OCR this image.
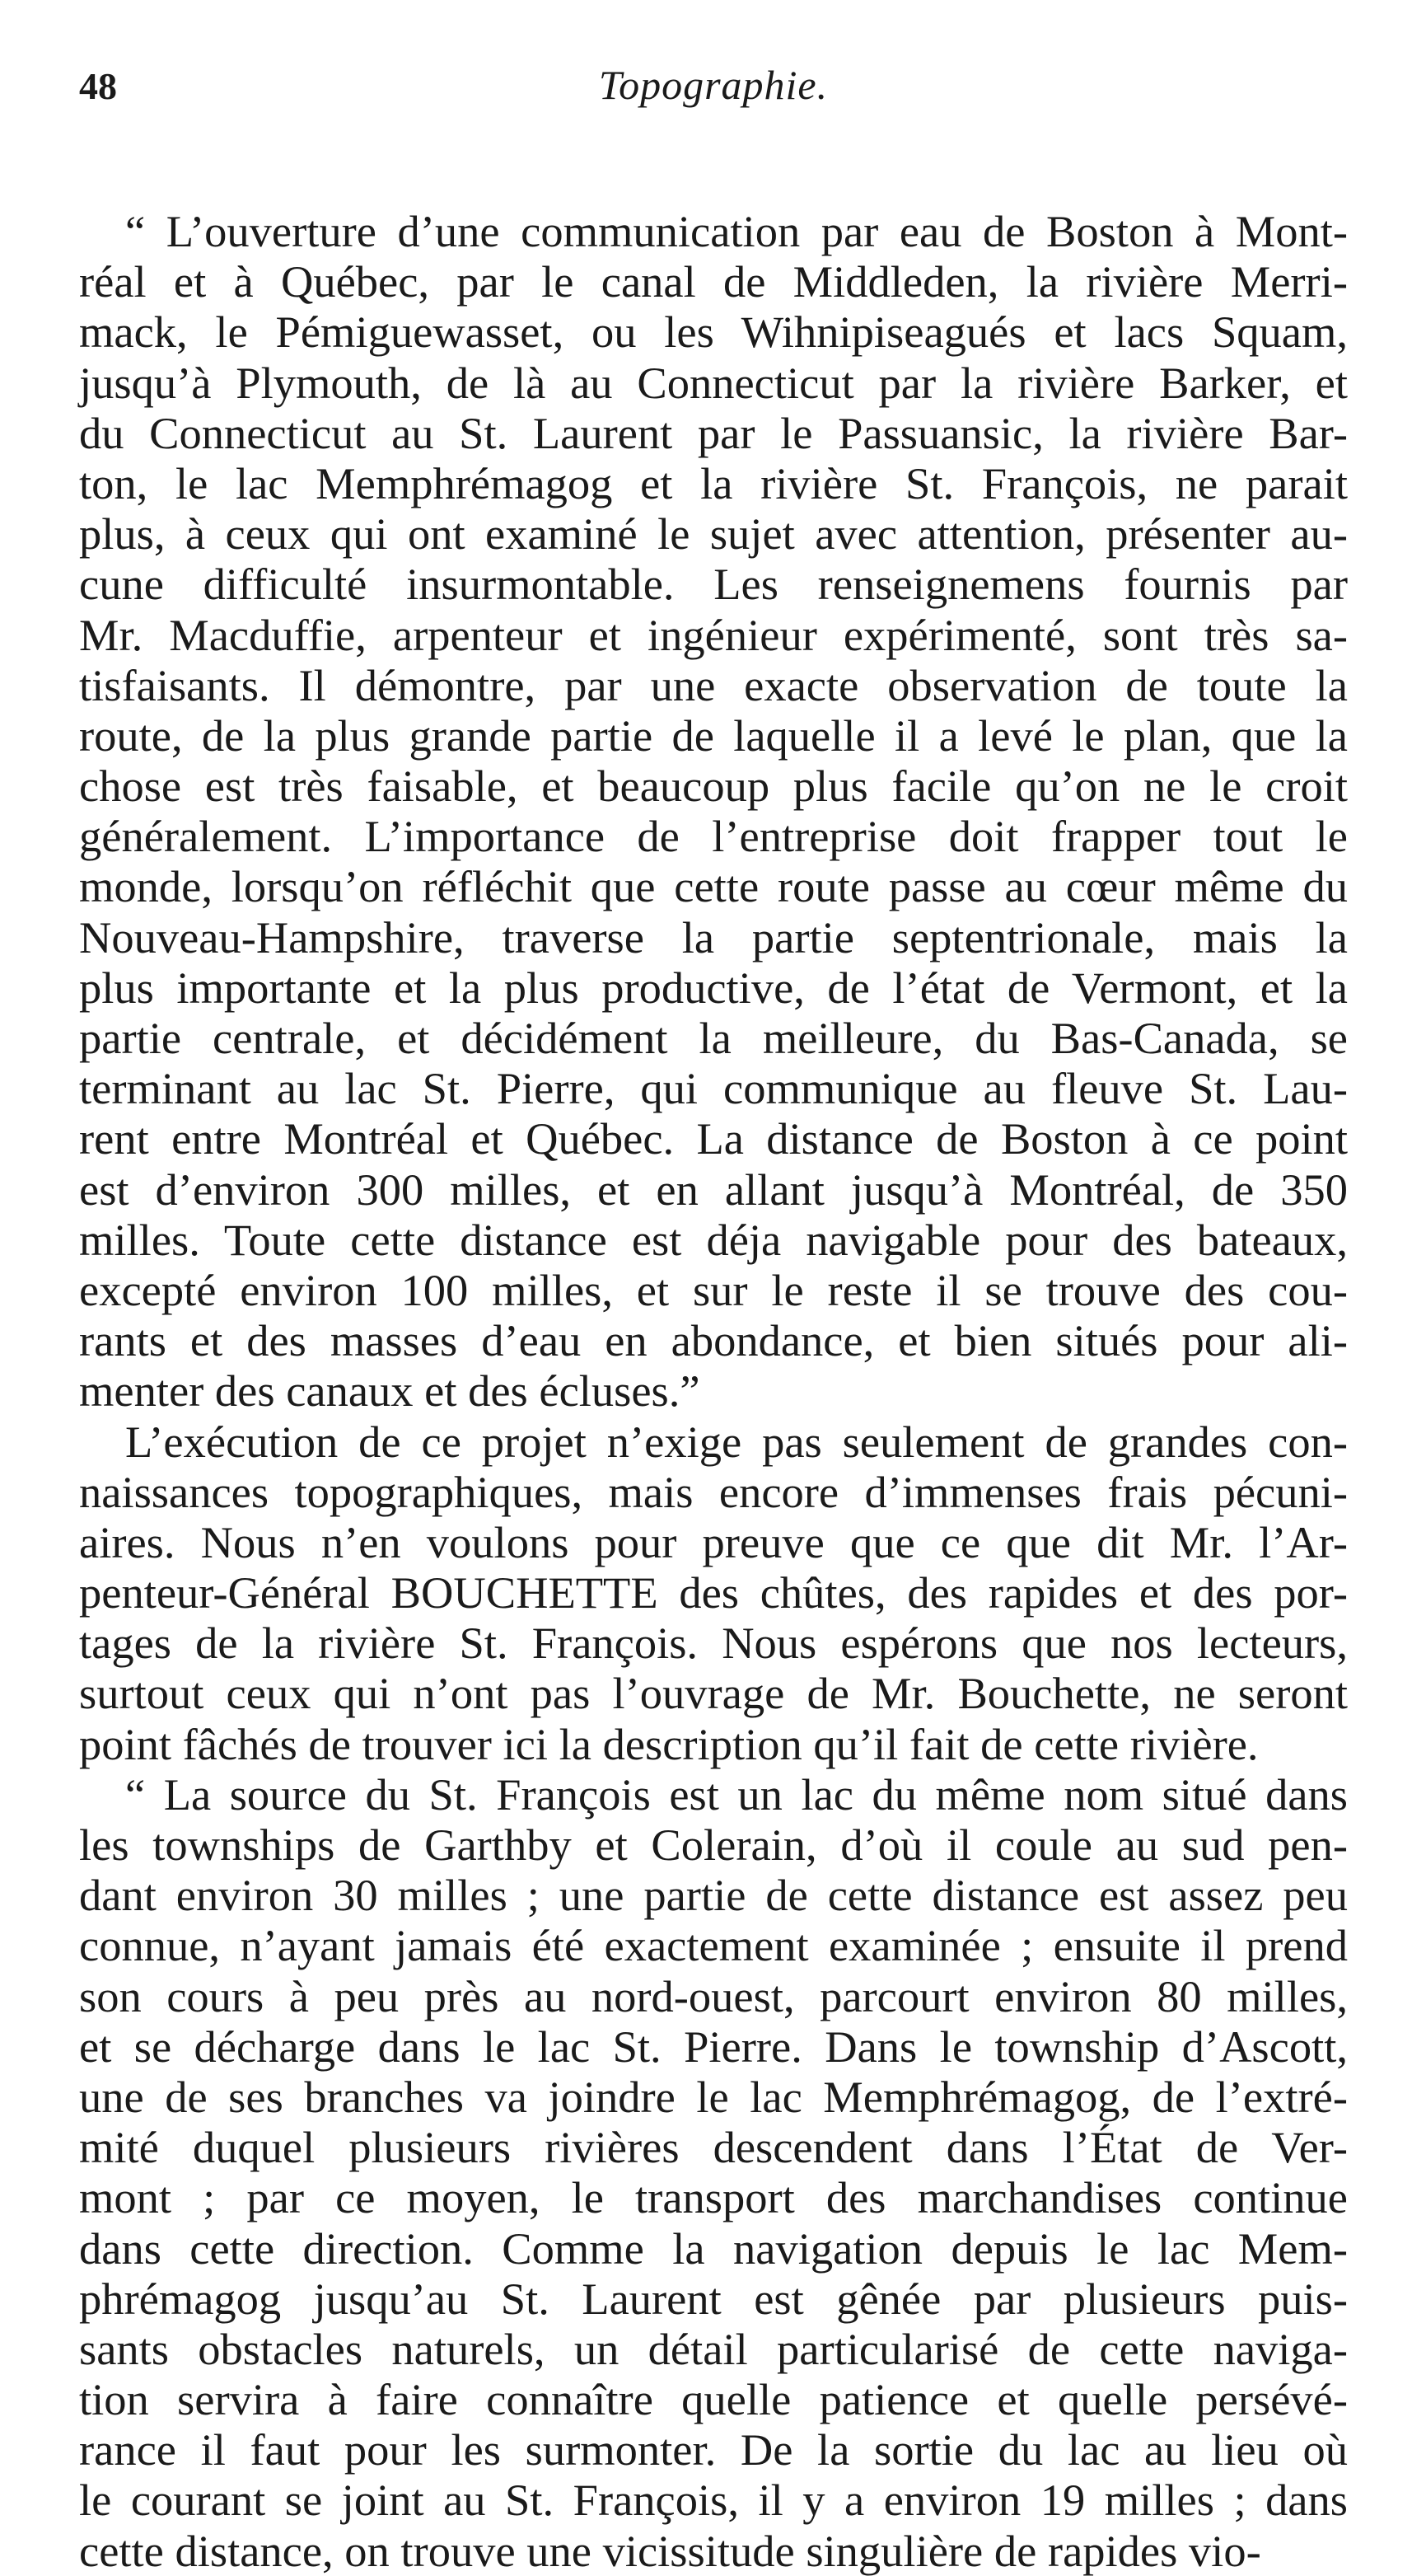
48	Topographie.
“ L’ouverture d’une communication par eau de Boston à Mont-
réal et à Québec, par le canal de Middleden, la rivière Merri-
mack, le Pémiguewasset, ou les Wihnipiseagués et lacs Squam,
jusqu’à Plymouth, de là au Connecticut par la rivière Barker, et
du Connecticut au St. Laurent par le Passuansic, la rivière Bar-
ton, le lac Memphrémagog et la rivière St. François, ne parait
plus, à ceux qui ont examiné le sujet avec attention, présenter au-
cune difficulté insurmontable. Les renseignemens fournis par
Mr. Macduffie, arpenteur et ingénieur expérimenté, sont très sa-
tisfaisants. Il démontre, par une exacte observation de toute la
route, de la plus grande partie de laquelle il a levé le plan, que la
chose est très faisable, et beaucoup plus facile qu’on ne le croit
généralement. L’importance de l’entreprise doit frapper tout le
monde, lorsqu’on réfléchit que cette route passe au cœur même du
Nouveau-Hampshire, traverse la partie septentrionale, mais la
plus importante et la plus productive, de l’état de Vermont, et la
partie centrale, et décidément la meilleure, du Bas-Canada, se
terminant au lac St. Pierre, qui communique au fleuve St. Lau-
rent entre Montréal et Québec. La distance de Boston à ce point
est d’environ 300 milles, et en allant jusqu’à Montréal, de 350
milles. Toute cette distance est déja navigable pour des bateaux,
excepté environ 100 milles, et sur le reste il se trouve des cou-
rants et des masses d’eau en abondance, et bien situés pour ali-
menter des canaux et des écluses.”
L’exécution de ce projet n’exige pas seulement de grandes con-
naissances topographiques, mais encore d’immenses frais pécuni-
aires. Nous n’en voulons pour preuve que ce que dit Mr. l’Ar-
penteur-Général BOUCHETTE des chûtes, des rapides et des por-
tages de la rivière St. François. Nous espérons que nos lecteurs,
surtout ceux qui n’ont pas l’ouvrage de Mr. Bouchette, ne seront
point fâchés de trouver ici la description qu’il fait de cette rivière.
“ La source du St. François est un lac du même nom situé dans
les townships de Garthby et Colerain, d’où il coule au sud pen-
dant environ 30 milles ; une partie de cette distance est assez peu
connue, n’ayant jamais été exactement examinée ; ensuite il prend
son cours à peu près au nord-ouest, parcourt environ 80 milles,
et se décharge dans le lac St. Pierre. Dans le township d’Ascott,
une de ses branches va joindre le lac Memphrémagog, de l’extré-
mité duquel plusieurs rivières descendent dans l’État de Ver-
mont ; par ce moyen, le transport des marchandises continue
dans cette direction. Comme la navigation depuis le lac Mem-
phrémagog jusqu’au St. Laurent est gênée par plusieurs puis-
sants obstacles naturels, un détail particularisé de cette naviga-
tion servira à faire connaître quelle patience et quelle persévé-
rance il faut pour les surmonter. De la sortie du lac au lieu où
le courant se joint au St. François, il y a environ 19 milles ; dans
cette distance, on trouve une vicissitude singulière de rapides vio-
